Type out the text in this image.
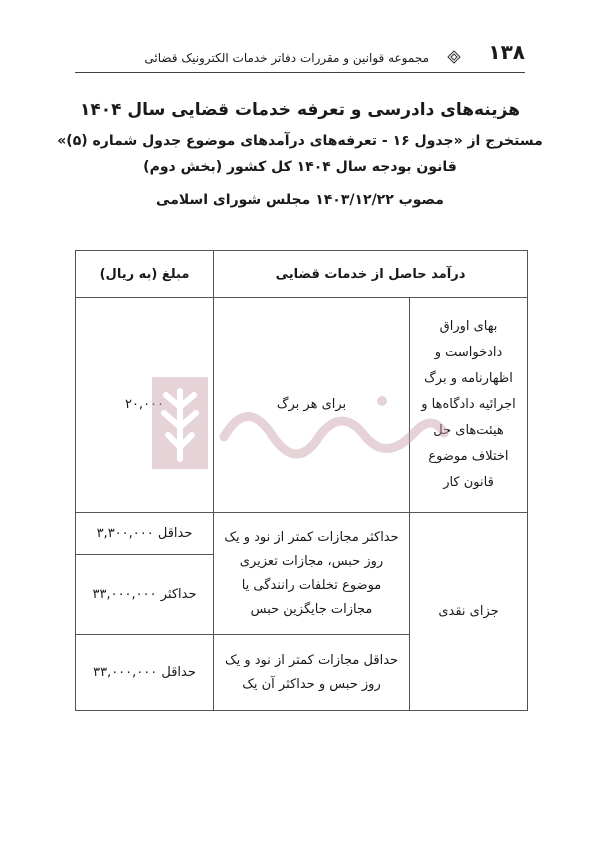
۱۳۸
مجموعه قوانین و مقررات دفاتر خدمات الکترونیک قضائی
هزینه‌های دادرسی و تعرفه خدمات قضایی سال ۱۴۰۴
مستخرج از «جدول ۱۶ - تعرفه‌های درآمدهای موضوع جدول شماره (۵)»
قانون بودجه سال ۱۴۰۴ کل کشور (بخش دوم)
مصوب ۱۴۰۳/۱۲/۲۲ مجلس شورای اسلامی
درآمد حاصل از خدمات قضایی		مبلغ (به ریال)
بهای اوراق دادخواست و اظهارنامه و برگ اجرائیه دادگاه‌ها و هیئت‌های حل اختلاف موضوع قانون کار	برای هر برگ	۲۰,۰۰۰
جزای نقدی	حداکثر مجازات کمتر از نود و یک روز حبس، مجازات تعزیری موضوع تخلفات رانندگی یا مجازات جایگزین حبس	حداقل ۳,۳۰۰,۰۰۰
		حداکثر ۳۳,۰۰۰,۰۰۰
	حداقل مجازات کمتر از نود و یک روز حبس و حداکثر آن یک	حداقل ۳۳,۰۰۰,۰۰۰
